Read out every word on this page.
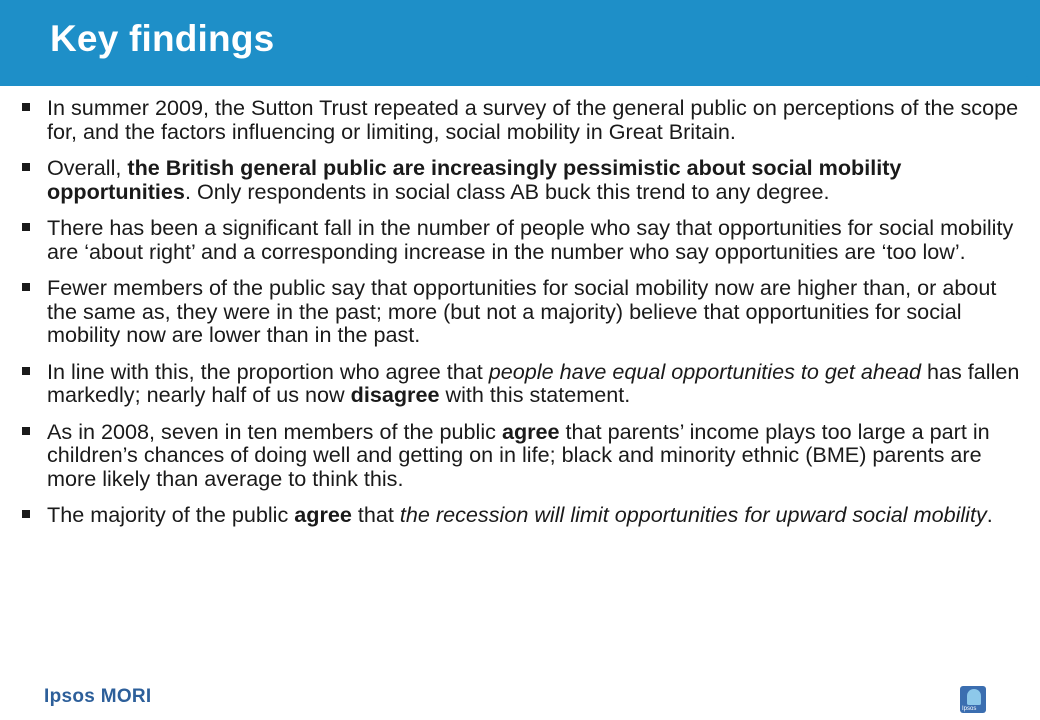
Key findings
2
In summer 2009, the Sutton Trust repeated a survey of the general public on perceptions of the scope for, and the factors influencing or limiting, social mobility in Great Britain.
Overall, the British general public are increasingly pessimistic about social mobility opportunities. Only respondents in social class AB buck this trend to any degree.
There has been a significant fall in the number of people who say that opportunities for social mobility are ‘about right’ and a corresponding increase in the number who say opportunities are ‘too low’.
Fewer members of the public say that opportunities for social mobility now are higher than, or about the same as, they were in the past; more (but not a majority) believe that opportunities for social mobility now are lower than in the past.
In line with this, the proportion who agree that people have equal opportunities to get ahead has fallen markedly; nearly half of us now disagree with this statement.
As in 2008, seven in ten members of the public agree that parents’ income plays too large a part in children’s chances of doing well and getting on in life; black and minority ethnic (BME) parents are more likely than average to think this.
The majority of the public agree that the recession will limit opportunities for upward social mobility.
Ipsos MORI
Ipsos
